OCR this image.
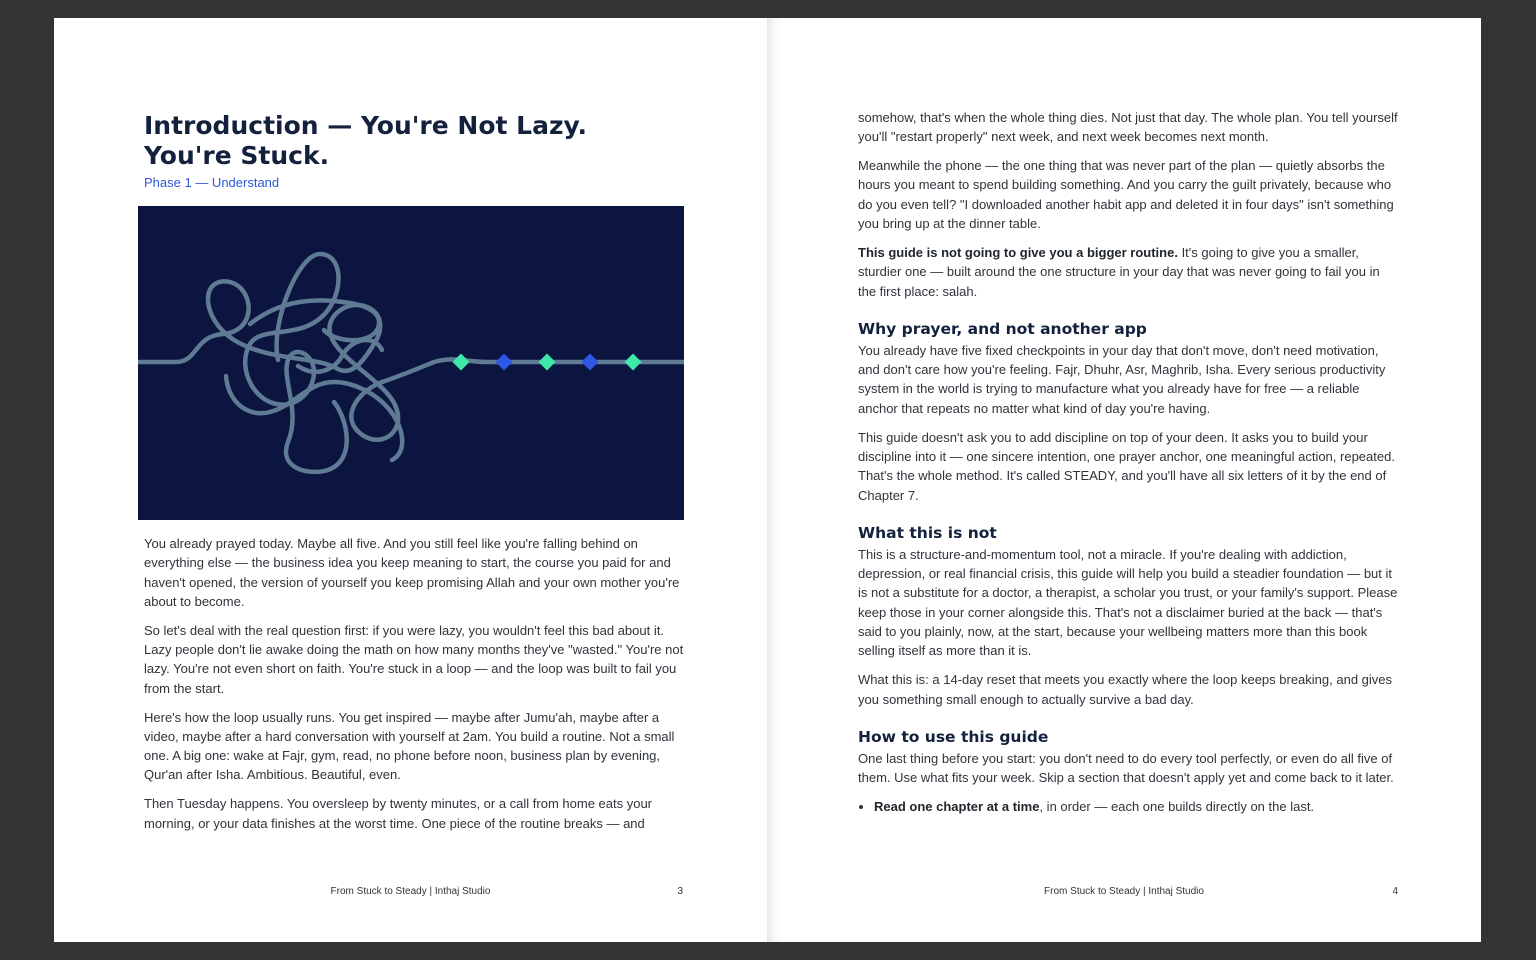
Introduction — You're Not Lazy. You're Stuck.
Phase 1 — Understand

You already prayed today. Maybe all five. And you still feel like you're falling behind on everything else — the business idea you keep meaning to start, the course you paid for and haven't opened, the version of yourself you keep promising Allah and your own mother you're about to become.

So let's deal with the real question first: if you were lazy, you wouldn't feel this bad about it. Lazy people don't lie awake doing the math on how many months they've "wasted." You're not lazy. You're not even short on faith. You're stuck in a loop — and the loop was built to fail you from the start.

Here's how the loop usually runs. You get inspired — maybe after Jumu'ah, maybe after a video, maybe after a hard conversation with yourself at 2am. You build a routine. Not a small one. A big one: wake at Fajr, gym, read, no phone before noon, business plan by evening, Qur'an after Isha. Ambitious. Beautiful, even.

Then Tuesday happens. You oversleep by twenty minutes, or a call from home eats your morning, or your data finishes at the worst time. One piece of the routine breaks — and

From Stuck to Steady | Inthaj Studio	3

somehow, that's when the whole thing dies. Not just that day. The whole plan. You tell yourself you'll "restart properly" next week, and next week becomes next month.

Meanwhile the phone — the one thing that was never part of the plan — quietly absorbs the hours you meant to spend building something. And you carry the guilt privately, because who do you even tell? "I downloaded another habit app and deleted it in four days" isn't something you bring up at the dinner table.

This guide is not going to give you a bigger routine. It's going to give you a smaller, sturdier one — built around the one structure in your day that was never going to fail you in the first place: salah.

Why prayer, and not another app

You already have five fixed checkpoints in your day that don't move, don't need motivation, and don't care how you're feeling. Fajr, Dhuhr, Asr, Maghrib, Isha. Every serious productivity system in the world is trying to manufacture what you already have for free — a reliable anchor that repeats no matter what kind of day you're having.

This guide doesn't ask you to add discipline on top of your deen. It asks you to build your discipline into it — one sincere intention, one prayer anchor, one meaningful action, repeated. That's the whole method. It's called STEADY, and you'll have all six letters of it by the end of Chapter 7.

What this is not

This is a structure-and-momentum tool, not a miracle. If you're dealing with addiction, depression, or real financial crisis, this guide will help you build a steadier foundation — but it is not a substitute for a doctor, a therapist, a scholar you trust, or your family's support. Please keep those in your corner alongside this. That's not a disclaimer buried at the back — that's said to you plainly, now, at the start, because your wellbeing matters more than this book selling itself as more than it is.

What this is: a 14-day reset that meets you exactly where the loop keeps breaking, and gives you something small enough to actually survive a bad day.

How to use this guide

One last thing before you start: you don't need to do every tool perfectly, or even do all five of them. Use what fits your week. Skip a section that doesn't apply yet and come back to it later.

• Read one chapter at a time, in order — each one builds directly on the last.
From Stuck to Steady | Inthaj Studio	4
